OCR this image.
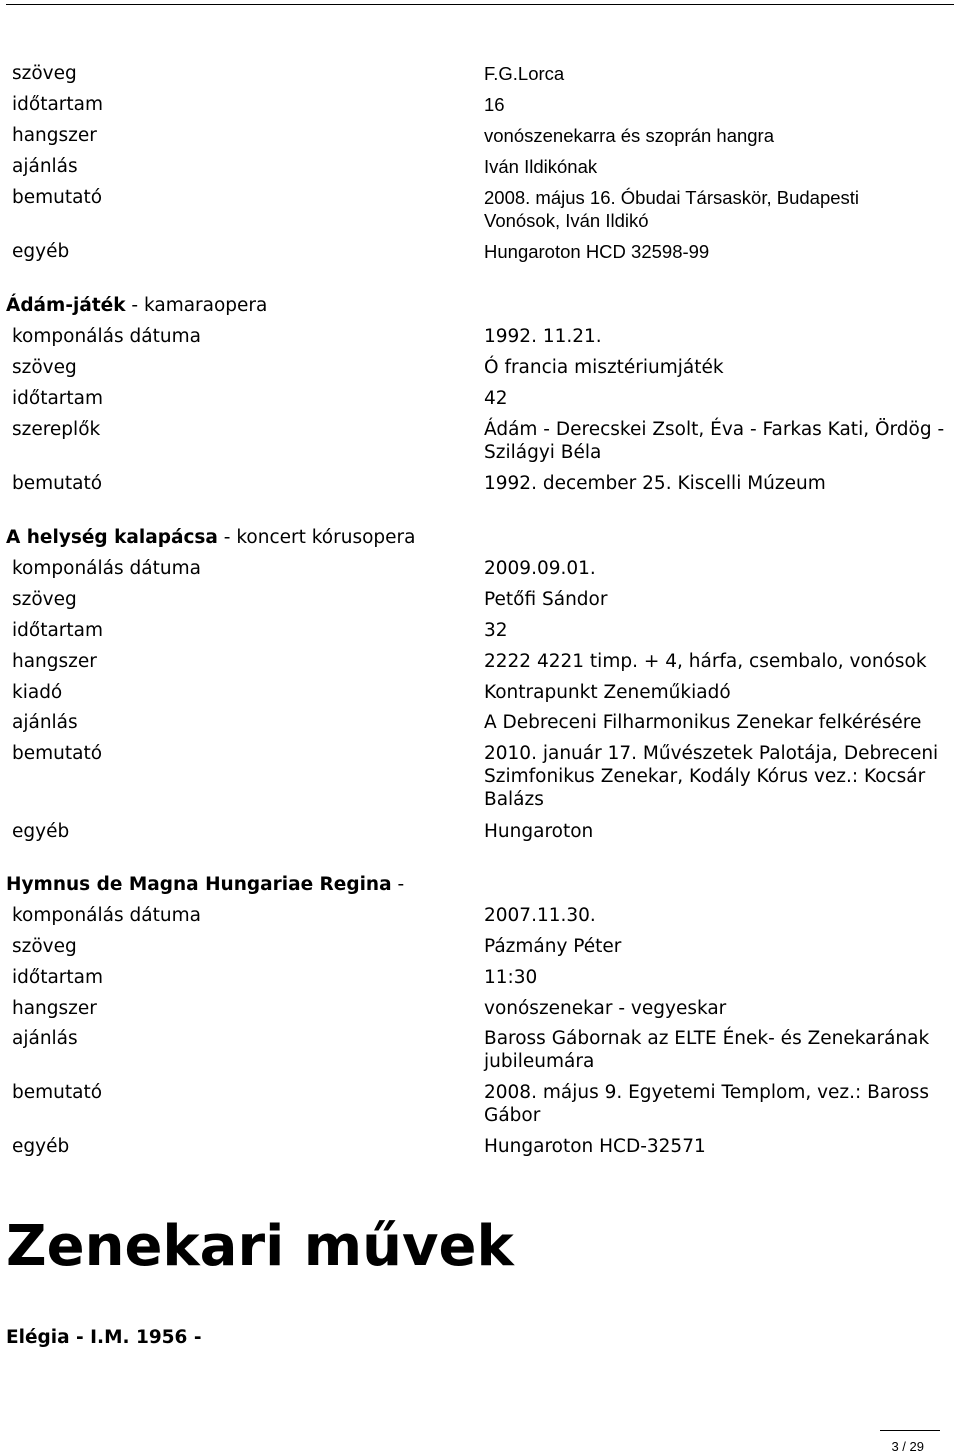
szöveg	F.G.Lorca
időtartam	16
hangszer	vonószenekarra és szoprán hangra
ajánlás	Iván Ildikónak
bemutató	2008. május 16. Óbudai Társaskör, Budapesti Vonósok, Iván Ildikó
egyéb	Hungaroton HCD 32598-99
Ádám-játék - kamaraopera
komponálás dátuma	1992. 11.21.
szöveg	Ó francia misztériumjáték
időtartam	42
szereplők	Ádám - Derecskei Zsolt, Éva - Farkas Kati, Ördög - Szilágyi Béla
bemutató	1992. december 25. Kiscelli Múzeum
A helység kalapácsa - koncert kórusopera
komponálás dátuma	2009.09.01.
szöveg	Petőfi Sándor
időtartam	32
hangszer	2222 4221 timp. + 4, hárfa, csembalo, vonósok
kiadó	Kontrapunkt Zeneműkiadó
ajánlás	A Debreceni Filharmonikus Zenekar felkérésére
bemutató	2010. január 17. Művészetek Palotája, Debreceni Szimfonikus Zenekar, Kodály Kórus vez.: Kocsár Balázs
egyéb	Hungaroton
Hymnus de Magna Hungariae Regina -
komponálás dátuma	2007.11.30.
szöveg	Pázmány Péter
időtartam	11:30
hangszer	vonószenekar - vegyeskar
ajánlás	Baross Gábornak az ELTE Ének- és Zenekarának jubileumára
bemutató	2008. május 9. Egyetemi Templom, vez.: Baross Gábor
egyéb	Hungaroton HCD-32571
Zenekari művek
Elégia - I.M. 1956 -
3 / 29
